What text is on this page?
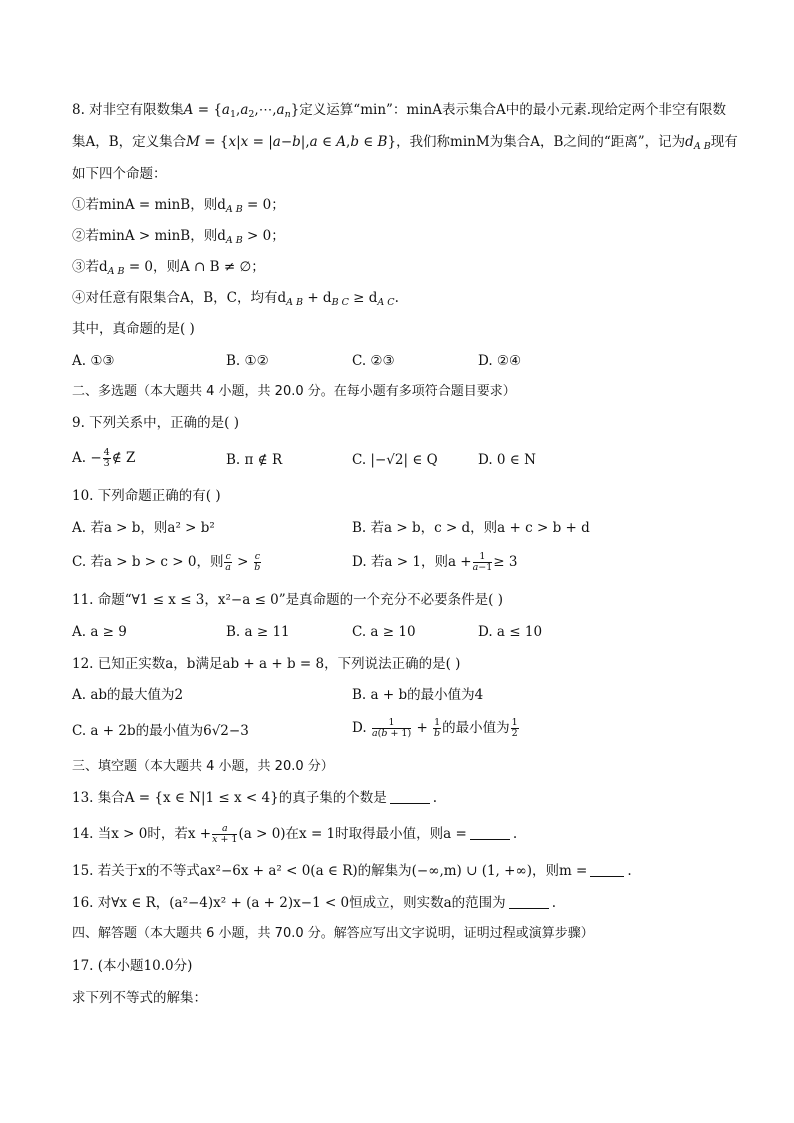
8. 对非空有限数集$A = \{a_1,a_2,\cdots,a_n\}$定义运算“min”：minA表示集合A中的最小元素.现给定两个非空有限数
集A，B，定义集合M = {x|x = |a−b|,a ∈ A,b ∈ B}，我们称minM为集合A，B之间的“距离”，记为$d_{A B}$现有
如下四个命题：
①若minA = minB，则$d_{A B} = 0$；
②若minA > minB，则$d_{A B} > 0$；
③若$d_{A B} = 0$，则A ∩ B ≠ ∅；
④对任意有限集合A，B，C，均有$d_{A B} + d_{B C} \ge d_{A C}$.
其中，真命题的是( )
A. ①③	B. ①②	C. ②③	D. ②④
二、多选题（本大题共 4 小题，共 20.0 分。在每小题有多项符合题目要求）
9. 下列关系中，正确的是( )
A. − $\frac{4}{3}$ ∉ Z	B. π ∉ R	C. |−√2| ∈ Q	D. 0 ∈ N
10. 下列命题正确的有( )
A. 若a > b，则a² > b²	B. 若a > b，c > d，则a + c > b + d
C. 若a > b > c > 0，则 $\frac{c}{a} > \frac{c}{b}$	D. 若a > 1，则$a + \frac{1}{a-1} \ge 3$
11. 命题“∀1 ≤ x ≤ 3，x²−a ≤ 0”是真命题的一个充分不必要条件是( )
A. a ≥ 9	B. a ≥ 11	C. a ≥ 10	D. a ≤ 10
12. 已知正实数a，b满足ab + a + b = 8，下列说法正确的是( )
A. ab的最大值为2	B. a + b的最小值为4
C. a + 2b的最小值为6√2−3	D. $\frac{1}{a(b + 1)} + \frac{1}{b}$ 的最小值为 $\frac{1}{2}$
三、填空题（本大题共 4 小题，共 20.0 分）
13. 集合A = {x ∈ N|1 ≤ x < 4}的真子集的个数是	.
14. 当x > 0时，若$x + \frac{a}{x + 1} (a > 0)$在x = 1时取得最小值，则a =	.
15. 若关于x的不等式ax²−6x + a² < 0(a ∈ R)的解集为(−∞,m) ∪ (1, +∞)，则m =	.
16. 对∀x ∈ R，(a²−4)x² + (a + 2)x−1 < 0恒成立，则实数a的范围为	.
四、解答题（本大题共 6 小题，共 70.0 分。解答应写出文字说明，证明过程或演算步骤）
17. (本小题10.0分)
求下列不等式的解集：
